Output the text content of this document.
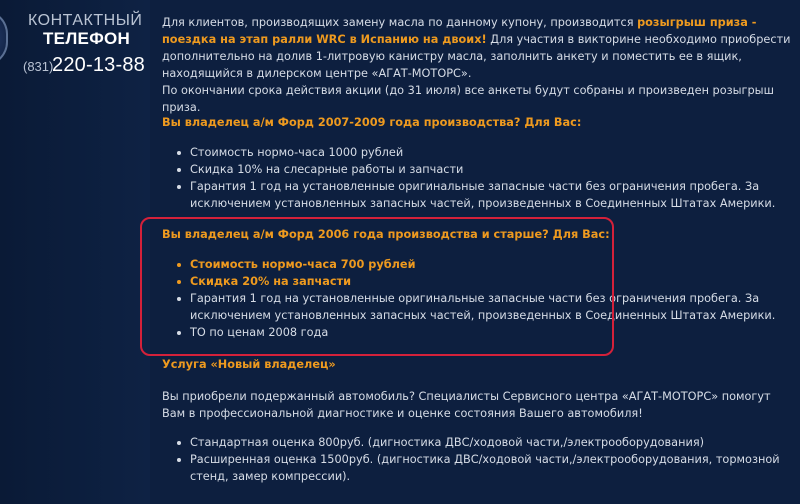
КОНТАКТНЫЙ

ТЕЛЕФОН

(831)
220-13-88

Для клиентов, производящих замену масла по данному купону, производится розыгрыш приза - поездка на этап ралли WRC в Испанию на двоих! Для участия в викторине необходимо приобрести дополнительно на долив 1-литровую канистру масла, заполнить анкету и поместить ее в ящик, находящийся в дилерском центре «АГАТ-МОТОРС».

По окончании срока действия акции (до 31 июля) все анкеты будут собраны и произведен розыгрыш приза.

Вы владелец а/м Форд 2007-2009 года производства? Для Вас:

Стоимость нормо-часа 1000 рублей
Скидка 10% на слесарные работы и запчасти
Гарантия 1 год на установленные оригинальные запасные части без ограничения пробега. За исключением установленных запасных частей, произведенных в Соединенных Штатах Америки.

Вы владелец а/м Форд 2006 года производства и старше? Для Вас:

Стоимость нормо-часа 700 рублей
Скидка 20% на запчасти
Гарантия 1 год на установленные оригинальные запасные части без ограничения пробега. За исключением установленных запасных частей, произведенных в Соединенных Штатах Америки.
ТО по ценам 2008 года

Услуга «Новый владелец»

Вы приобрели подержанный автомобиль? Специалисты Сервисного центра «АГАТ-МОТОРС» помогут Вам в профессиональной диагностике и оценке состояния Вашего автомобиля!

Стандартная оценка 800руб. (дигностика ДВС/ходовой части,/электрооборудования)
Расширенная оценка 1500руб. (дигностика ДВС/ходовой части,/электрооборудования, тормозной стенд, замер компрессии).
